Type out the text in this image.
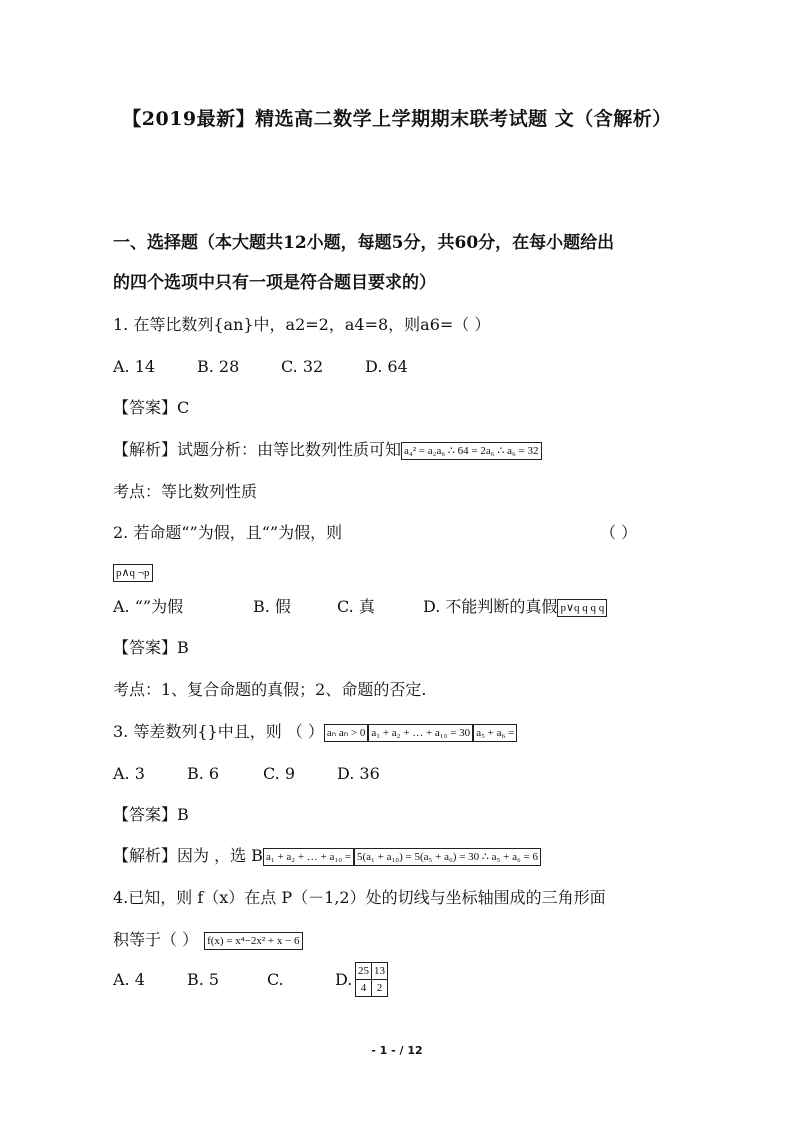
【2019最新】精选高二数学上学期期末联考试题 文（含解析）
一、选择题（本大题共12小题，每题5分，共60分，在每小题给出
的四个选项中只有一项是符合题目要求的）
1. 在等比数列{an}中，a2=2，a4=8，则a6=（ ）
A. 14	B. 28	C. 32	D. 64
【答案】C
【解析】试题分析：由等比数列性质可知 a₄² = a₂a₆ ∴ 64 = 2a₆ ∴ a₆ = 32
考点：等比数列性质
2. 若命题“”为假，且“”为假，则	（ ）
p∧q ¬p
A. “”为假	B. 假	C. 真	D. 不能判断的真假 p∨q q q q
【答案】B
考点：1、复合命题的真假；2、命题的否定.
3. 等差数列{}中且，则 （ ） aₙ aₙ > 0 a₁ + a₂ + … + a₁₀ = 30 a₅ + a₆ =
A. 3	B. 6	C. 9	D. 36
【答案】B
【解析】因为 ，选 B a₁ + a₂ + … + a₁₀ = 5(a₁ + a₁₀) = 5(a₅ + a₆) = 30 ∴ a₅ + a₆ = 6
4.已知，则 f（x）在点 P（－1,2）处的切线与坐标轴围成的三角形面
积等于（ ） f(x) = x⁴−2x² + x − 6
A. 4	B. 5	C.	D. 25	13
4	2
- 1 - / 12
